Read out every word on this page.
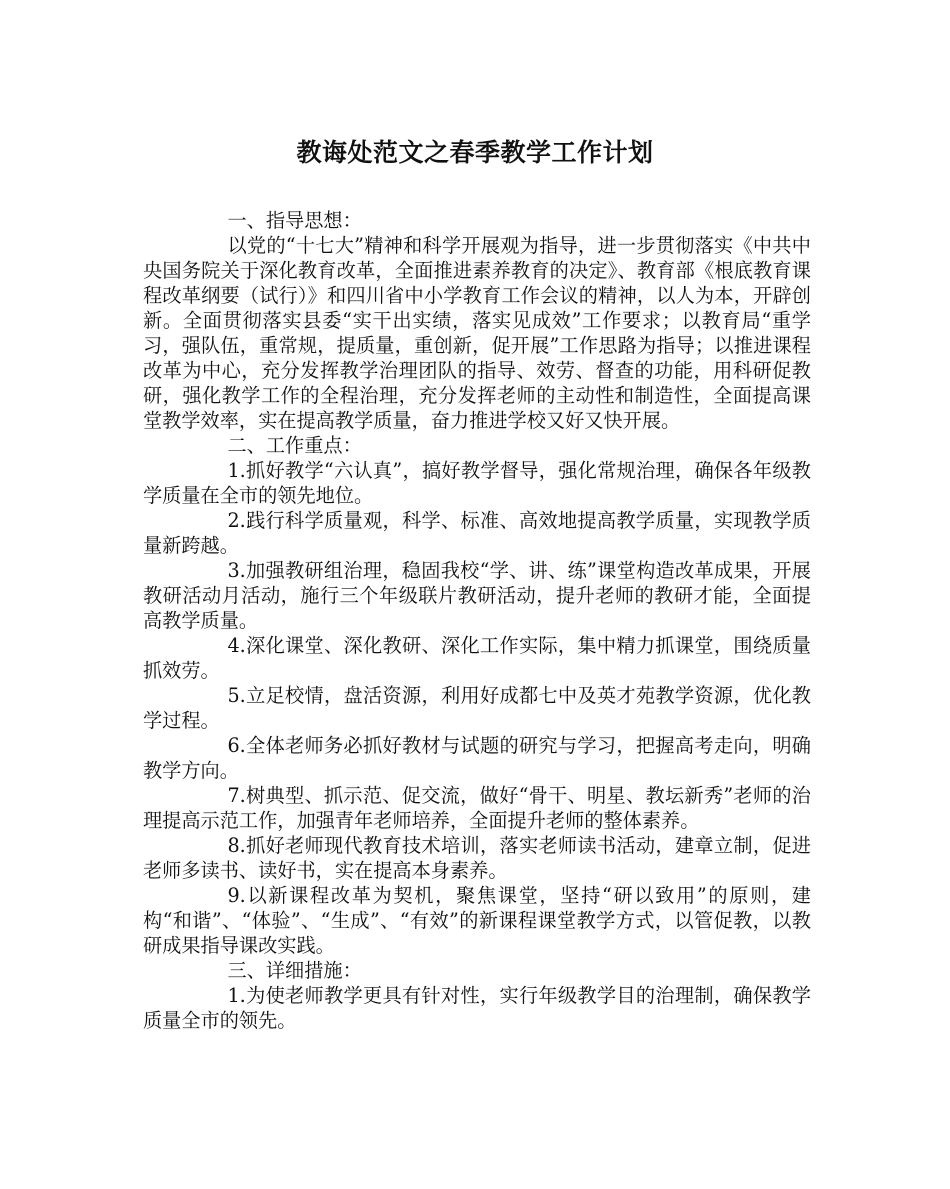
教诲处范文之春季教学工作计划

一、指导思想：

以党的“十七大”精神和科学开展观为指导，进一步贯彻落实《中共中央国务院关于深化教育改革，全面推进素养教育的决定》、教育部《根底教育课程改革纲要（试行）》和四川省中小学教育工作会议的精神，以人为本，开辟创新。全面贯彻落实县委“实干出实绩，落实见成效”工作要求；以教育局“重学习，强队伍，重常规，提质量，重创新，促开展”工作思路为指导；以推进课程改革为中心，充分发挥教学治理团队的指导、效劳、督查的功能，用科研促教研，强化教学工作的全程治理，充分发挥老师的主动性和制造性，全面提高课堂教学效率，实在提高教学质量，奋力推进学校又好又快开展。

二、工作重点：

1.抓好教学“六认真”，搞好教学督导，强化常规治理，确保各年级教学质量在全市的领先地位。

2.践行科学质量观，科学、标准、高效地提高教学质量，实现教学质量新跨越。

3.加强教研组治理，稳固我校“学、讲、练”课堂构造改革成果，开展教研活动月活动，施行三个年级联片教研活动，提升老师的教研才能，全面提高教学质量。

4.深化课堂、深化教研、深化工作实际，集中精力抓课堂，围绕质量抓效劳。

5.立足校情，盘活资源，利用好成都七中及英才苑教学资源，优化教学过程。

6.全体老师务必抓好教材与试题的研究与学习，把握高考走向，明确教学方向。

7.树典型、抓示范、促交流，做好“骨干、明星、教坛新秀”老师的治理提高示范工作，加强青年老师培养，全面提升老师的整体素养。

8.抓好老师现代教育技术培训，落实老师读书活动，建章立制，促进老师多读书、读好书，实在提高本身素养。

9.以新课程改革为契机，聚焦课堂，坚持“研以致用”的原则，建构“和谐”、“体验”、“生成”、“有效”的新课程课堂教学方式，以管促教，以教研成果指导课改实践。

三、详细措施：

1.为使老师教学更具有针对性，实行年级教学目的治理制，确保教学质量全市的领先。
